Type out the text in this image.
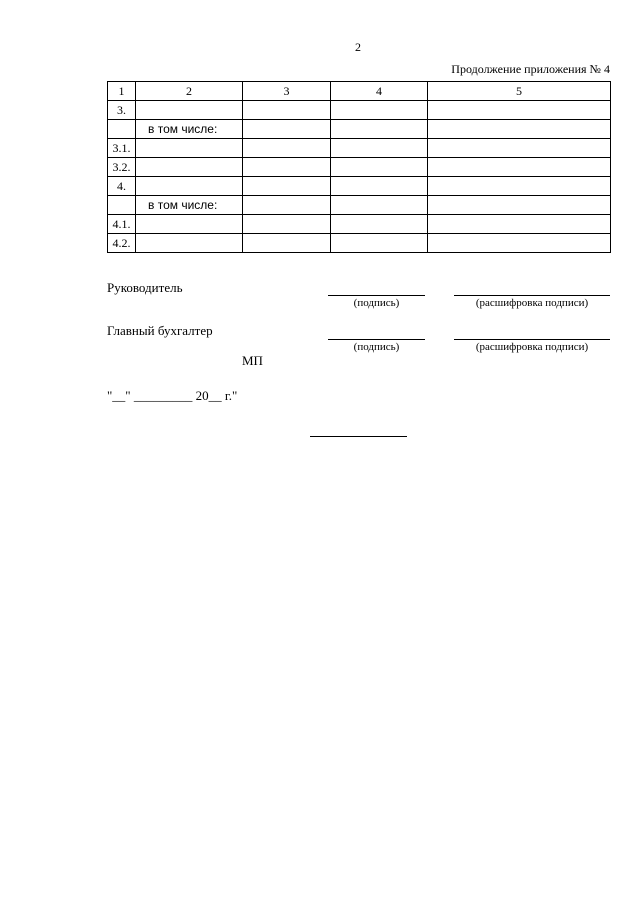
2
Продолжение приложения № 4
1	2	3	4	5
3.				
	в том числе:			
3.1.				
3.2.				
4.				
	в том числе:			
4.1.				
4.2.				
Руководитель
(подпись)	(расшифровка подписи)
Главный бухгалтер
(подпись)	(расшифровка подписи)
МП
"__" _________ 20__ г."
